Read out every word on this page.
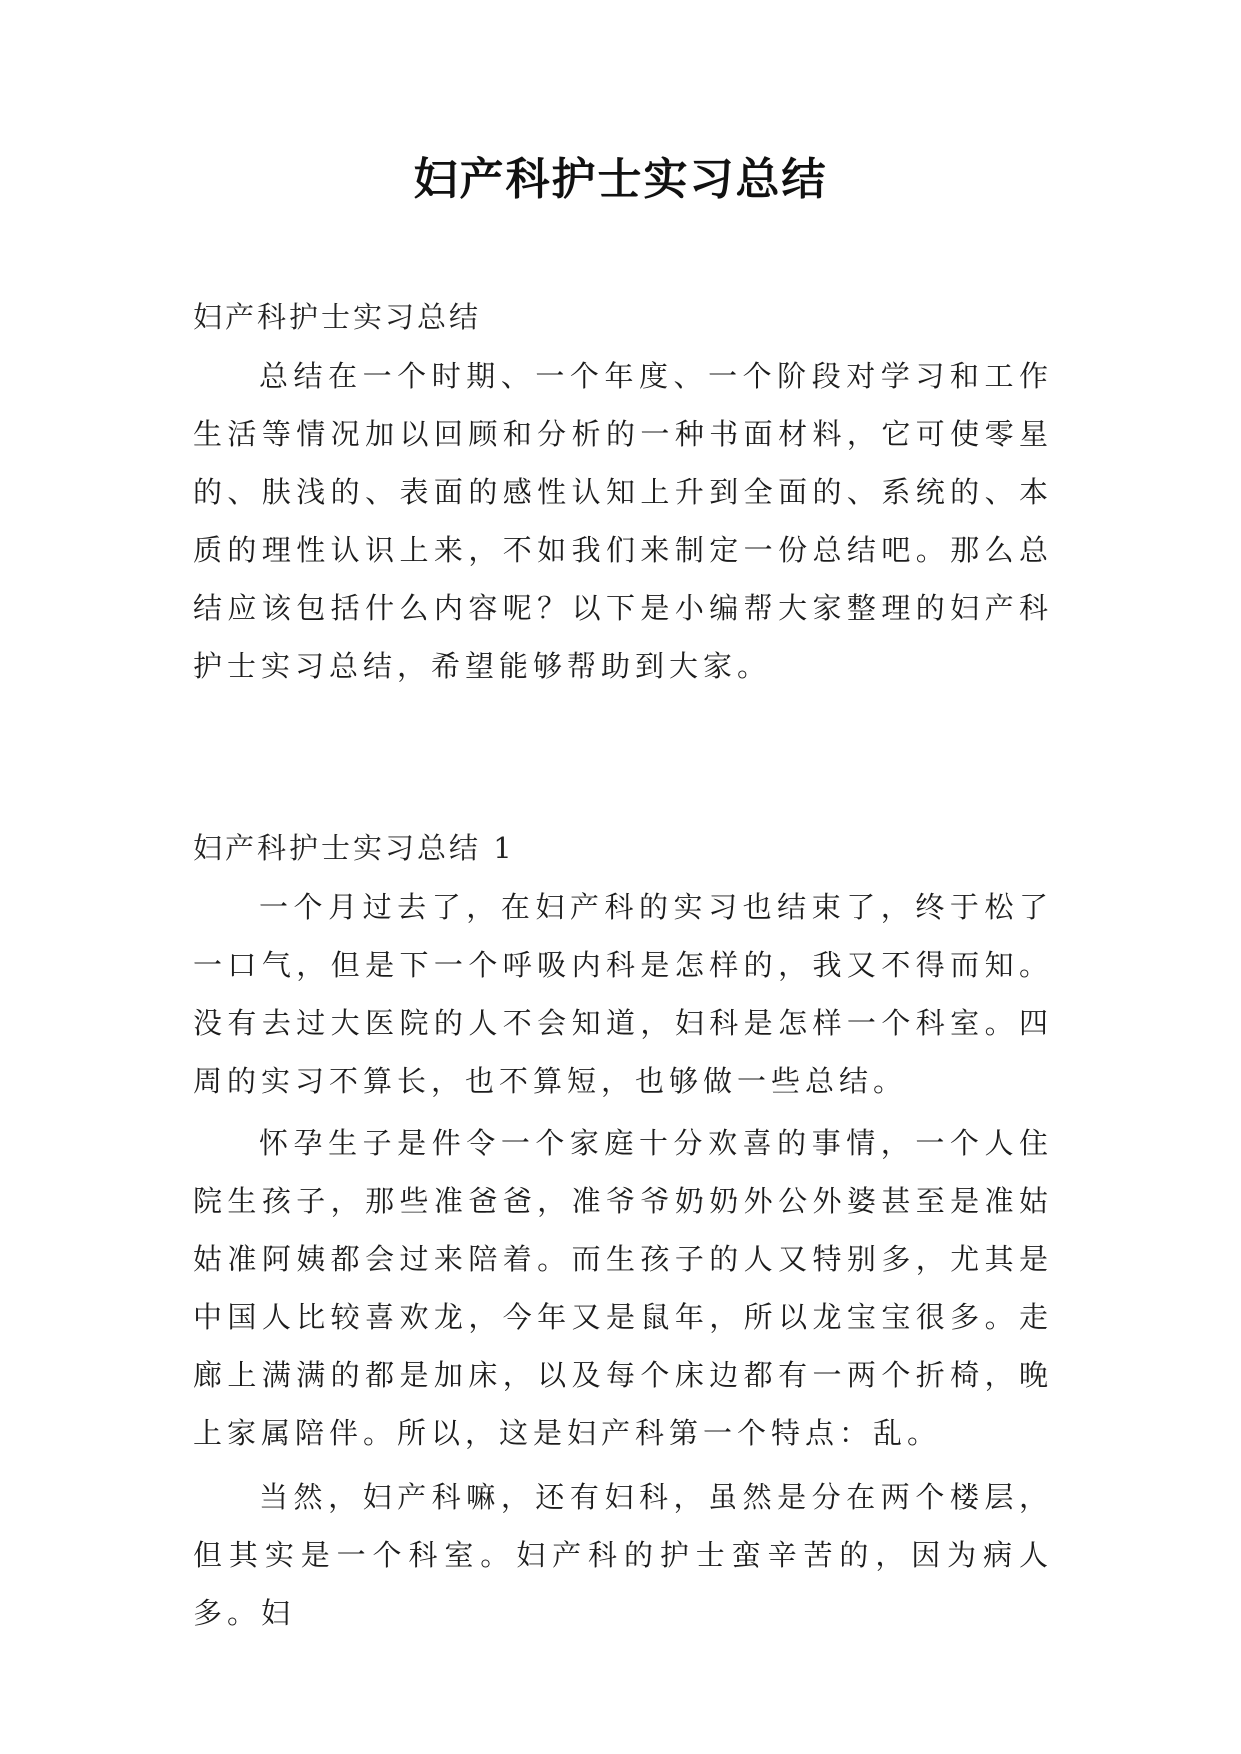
妇产科护士实习总结
妇产科护士实习总结

总结在一个时期、一个年度、一个阶段对学习和工作生活等情况加以回顾和分析的一种书面材料，它可使零星的、肤浅的、表面的感性认知上升到全面的、系统的、本质的理性认识上来，不如我们来制定一份总结吧。那么总结应该包括什么内容呢？以下是小编帮大家整理的妇产科护士实习总结，希望能够帮助到大家。

妇产科护士实习总结 1

一个月过去了，在妇产科的实习也结束了，终于松了一口气，但是下一个呼吸内科是怎样的，我又不得而知。没有去过大医院的人不会知道，妇科是怎样一个科室。四周的实习不算长，也不算短，也够做一些总结。

怀孕生子是件令一个家庭十分欢喜的事情，一个人住院生孩子，那些准爸爸，准爷爷奶奶外公外婆甚至是准姑姑准阿姨都会过来陪着。而生孩子的人又特别多，尤其是中国人比较喜欢龙，今年又是鼠年，所以龙宝宝很多。走廊上满满的都是加床，以及每个床边都有一两个折椅，晚上家属陪伴。所以，这是妇产科第一个特点：乱。

当然，妇产科嘛，还有妇科，虽然是分在两个楼层，但其实是一个科室。妇产科的护士蛮辛苦的，因为病人多。妇
